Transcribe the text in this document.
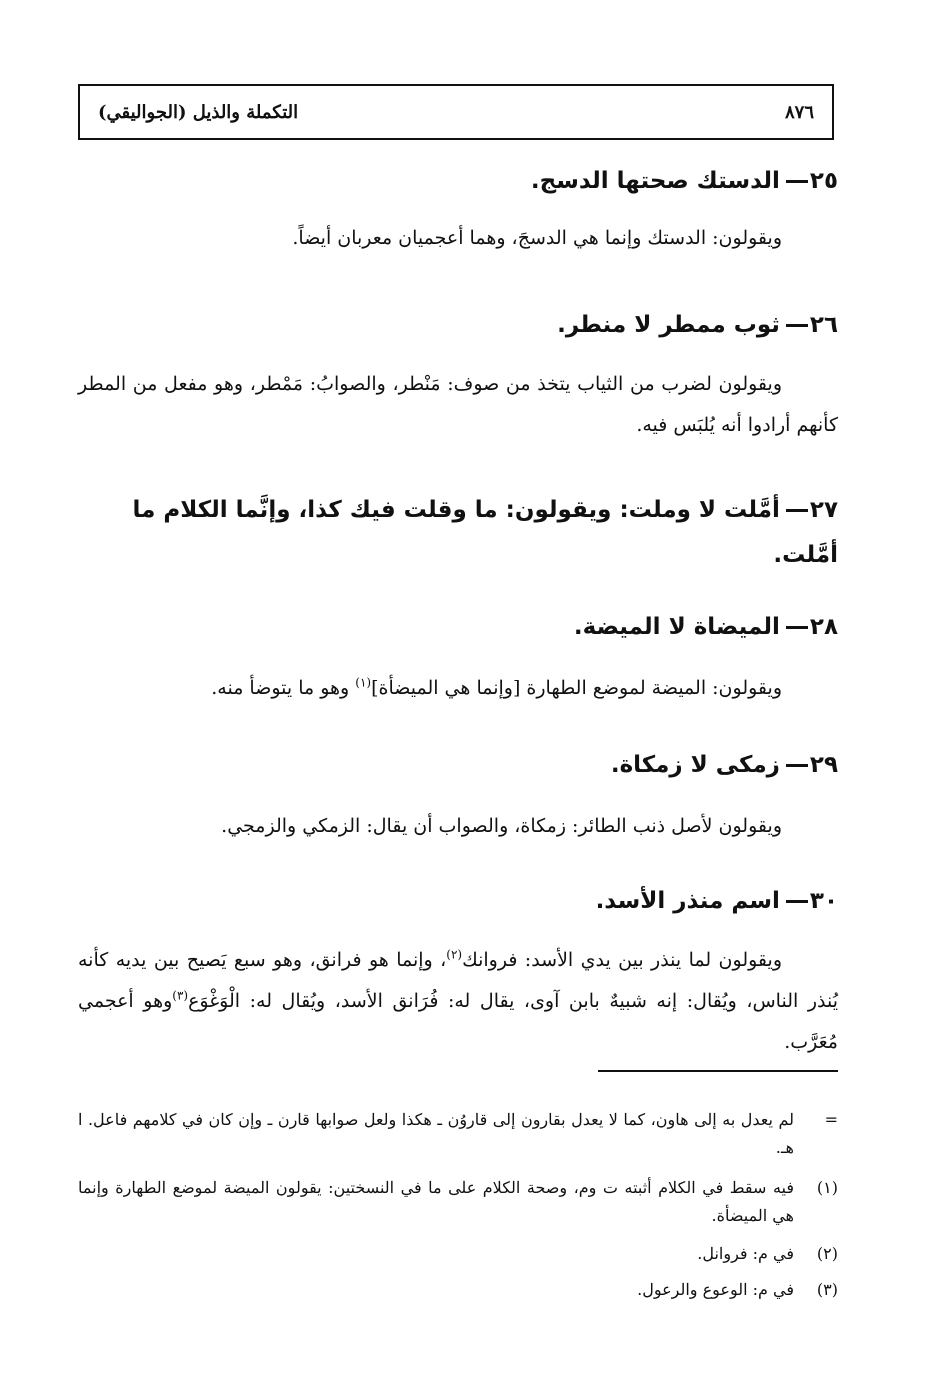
٨٧٦
التكملة والذيل (الجواليقي)
٢٥الدستك صحتها الدسج.
ويقولون: الدستك وإنما هي الدسجَ، وهما أعجميان معربان أيضاً.
٢٦ثوب ممطر لا منطر.
ويقولون لضرب من الثياب يتخذ من صوف: مَنْطر، والصوابُ: مَمْطر، وهو مفعل من المطر كأنهم أرادوا أنه يُلبَس فيه.
٢٧أمَّلت لا وملت: ويقولون: ما وقلت فيك كذا، وإنَّما الكلام ما أمَّلت.
٢٨الميضاة لا الميضة.
ويقولون: الميضة لموضع الطهارة [وإنما هي الميضأة]$^{(١)}$ وهو ما يتوضأ منه.
٢٩زمكى لا زمكاة.
ويقولون لأصل ذنب الطائر: زمكاة، والصواب أن يقال: الزمكي والزمجي.
٣٠اسم منذر الأسد.
ويقولون لما ينذر بين يدي الأسد: فروانك$^{(٢)}$، وإنما هو فرانق، وهو سبع يَصيح بين يديه كأنه يُنذر الناس، ويُقال: إنه شبيهٌ بابن آوى، يقال له: فُرَانق الأسد، ويُقال له: الْوَغْوَع$^{(٣)}$وهو أعجمي مُعَرَّب.
=
لم يعدل به إلى هاون، كما لا يعدل بقارون إلى قاروُن ـ هكذا ولعل صوابها قارن ـ وإن كان في كلامهم فاعل. ا هـ.
(١)
فيه سقط في الكلام أثبته ت وم، وصحة الكلام على ما في النسختين: يقولون الميضة لموضع الطهارة وإنما هي الميضأة.
(٢)
في م: فروانل.
(٣)
في م: الوعوع والرعول.
